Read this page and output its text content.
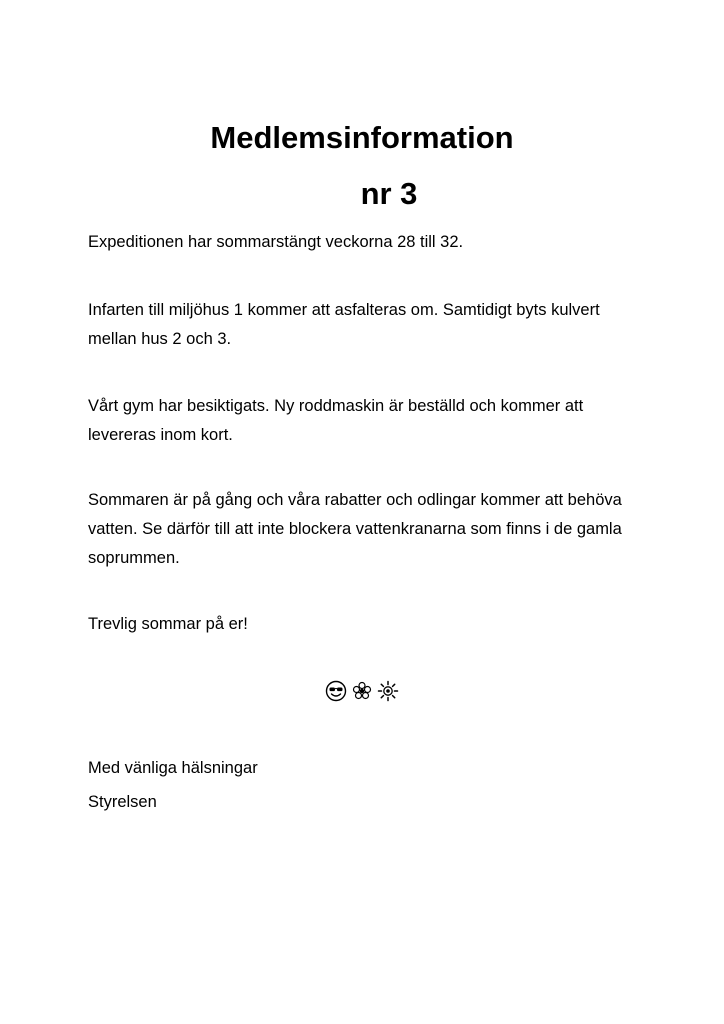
Medlemsinformation
nr 3

Expeditionen har sommarstängt veckorna 28 till 32.

Infarten till miljöhus 1 kommer att asfalteras om. Samtidigt byts kulvert mellan hus 2 och 3.

Vårt gym har besiktigats. Ny roddmaskin är beställd och kommer att levereras inom kort.

Sommaren är på gång och våra rabatter och odlingar kommer att behöva vatten. Se därför till att inte blockera vattenkranarna som finns i de gamla soprummen.

Trevlig sommar på er!

Med vänliga hälsningar

Styrelsen
